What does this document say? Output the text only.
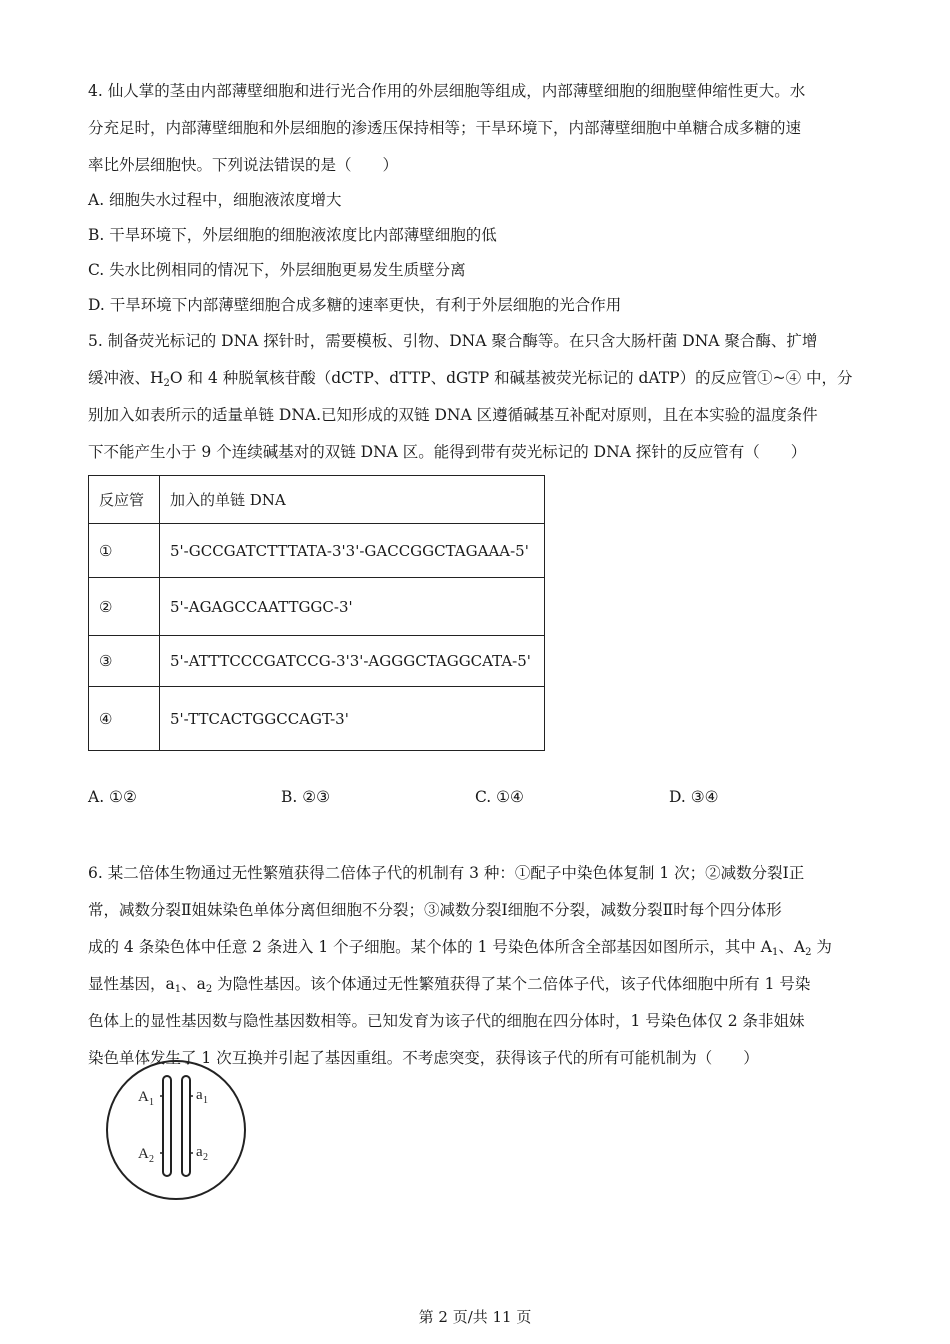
4. 仙人掌的茎由内部薄壁细胞和进行光合作用的外层细胞等组成，内部薄壁细胞的细胞壁伸缩性更大。水
分充足时，内部薄壁细胞和外层细胞的渗透压保持相等；干旱环境下，内部薄壁细胞中单糖合成多糖的速
率比外层细胞快。下列说法错误的是（　　）
A. 细胞失水过程中，细胞液浓度增大
B. 干旱环境下，外层细胞的细胞液浓度比内部薄壁细胞的低
C. 失水比例相同的情况下，外层细胞更易发生质壁分离
D. 干旱环境下内部薄壁细胞合成多糖的速率更快，有利于外层细胞的光合作用
5. 制备荧光标记的 DNA 探针时，需要模板、引物、DNA 聚合酶等。在只含大肠杆菌 DNA 聚合酶、扩增
缓冲液、$H_2O$ 和 4 种脱氧核苷酸（dCTP、dTTP、dGTP 和碱基被荧光标记的 dATP）的反应管①~④ 中，分
别加入如表所示的适量单链 DNA.已知形成的双链 DNA 区遵循碱基互补配对原则，且在本实验的温度条件
下不能产生小于 9 个连续碱基对的双链 DNA 区。能得到带有荧光标记的 DNA 探针的反应管有（　　）
反应管	加入的单链 DNA
①	5'-GCCGATCTTTATA-3'3'-GACCGGCTAGAAA-5'
②	5'-AGAGCCAATTGGC-3'
③	5'-ATTTCCCGATCCG-3'3'-AGGGCTAGGCATA-5'
④	5'-TTCACTGGCCAGT-3'
A. ①②	B. ②③	C. ①④	D. ③④
6. 某二倍体生物通过无性繁殖获得二倍体子代的机制有 3 种：①配子中染色体复制 1 次；②减数分裂Ⅰ正
常，减数分裂Ⅱ姐妹染色单体分离但细胞不分裂；③减数分裂Ⅰ细胞不分裂，减数分裂Ⅱ时每个四分体形
成的 4 条染色体中任意 2 条进入 1 个子细胞。某个体的 1 号染色体所含全部基因如图所示，其中 $A_1$、$A_2$ 为
显性基因，$a_1$、$a_2$ 为隐性基因。该个体通过无性繁殖获得了某个二倍体子代，该子代体细胞中所有 1 号染
色体上的显性基因数与隐性基因数相等。已知发育为该子代的细胞在四分体时，1 号染色体仅 2 条非姐妹
染色单体发生了 1 次互换并引起了基因重组。不考虑突变，获得该子代的所有可能机制为（　　）
A 1
A 2
a 1
a 2
第 2 页/共 11 页
